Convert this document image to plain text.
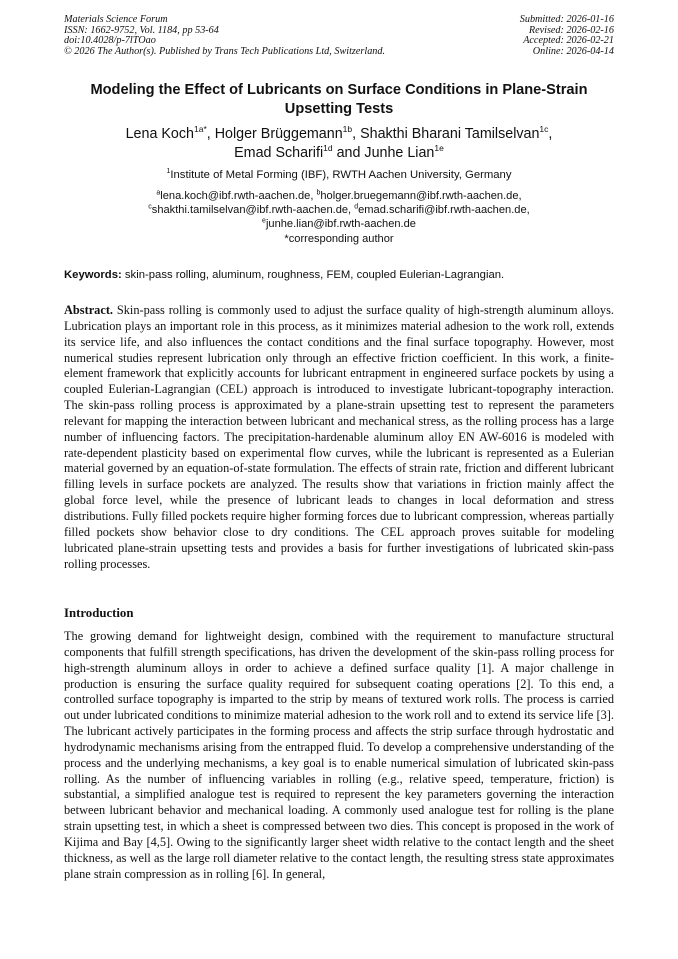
Materials Science Forum
ISSN: 1662-9752, Vol. 1184, pp 53-64
doi:10.4028/p-7lTOao
© 2026 The Author(s). Published by Trans Tech Publications Ltd, Switzerland.
Submitted: 2026-01-16
Revised: 2026-02-16
Accepted: 2026-02-21
Online: 2026-04-14
Modeling the Effect of Lubricants on Surface Conditions in Plane-Strain
Upsetting Tests
Lena Koch$^{1a*}$, Holger Brüggemann$^{1b}$, Shakthi Bharani Tamilselvan$^{1c}$,
Emad Scharifi$^{1d}$ and Junhe Lian$^{1e}$
$^1$Institute of Metal Forming (IBF), RWTH Aachen University, Germany
$^a$lena.koch@ibf.rwth-aachen.de, $^b$holger.bruegemann@ibf.rwth-aachen.de,
$^c$shakthi.tamilselvan@ibf.rwth-aachen.de, $^d$emad.scharifi@ibf.rwth-aachen.de,
$^e$junhe.lian@ibf.rwth-aachen.de
*corresponding author
Keywords: skin-pass rolling, aluminum, roughness, FEM, coupled Eulerian-Lagrangian.
Abstract. Skin-pass rolling is commonly used to adjust the surface quality of high-strength aluminum alloys. Lubrication plays an important role in this process, as it minimizes material adhesion to the work roll, extends its service life, and also influences the contact conditions and the final surface topography. However, most numerical studies represent lubrication only through an effective friction coefficient. In this work, a finite-element framework that explicitly accounts for lubricant entrapment in engineered surface pockets by using a coupled Eulerian-Lagrangian (CEL) approach is introduced to investigate lubricant-topography interaction. The skin-pass rolling process is approximated by a plane-strain upsetting test to represent the parameters relevant for mapping the interaction between lubricant and mechanical stress, as the rolling process has a large number of influencing factors. The precipitation-hardenable aluminum alloy EN AW-6016 is modeled with rate-dependent plasticity based on experimental flow curves, while the lubricant is represented as a Eulerian material governed by an equation-of-state formulation. The effects of strain rate, friction and different lubricant filling levels in surface pockets are analyzed. The results show that variations in friction mainly affect the global force level, while the presence of lubricant leads to changes in local deformation and stress distributions. Fully filled pockets require higher forming forces due to lubricant compression, whereas partially filled pockets show behavior close to dry conditions. The CEL approach proves suitable for modeling lubricated plane-strain upsetting tests and provides a basis for further investigations of lubricated skin-pass rolling processes.
Introduction
The growing demand for lightweight design, combined with the requirement to manufacture structural components that fulfill strength specifications, has driven the development of the skin-pass rolling process for high-strength aluminum alloys in order to achieve a defined surface quality [1]. A major challenge in production is ensuring the surface quality required for subsequent coating operations [2]. To this end, a controlled surface topography is imparted to the strip by means of textured work rolls. The process is carried out under lubricated conditions to minimize material adhesion to the work roll and to extend its service life [3]. The lubricant actively participates in the forming process and affects the strip surface through hydrostatic and hydrodynamic mechanisms arising from the entrapped fluid. To develop a comprehensive understanding of the process and the underlying mechanisms, a key goal is to enable numerical simulation of lubricated skin-pass rolling. As the number of influencing variables in rolling (e.g., relative speed, temperature, friction) is substantial, a simplified analogue test is required to represent the key parameters governing the interaction between lubricant behavior and mechanical loading. A commonly used analogue test for rolling is the plane strain upsetting test, in which a sheet is compressed between two dies. This concept is proposed in the work of Kijima and Bay [4,5]. Owing to the significantly larger sheet width relative to the contact length and the sheet thickness, as well as the large roll diameter relative to the contact length, the resulting stress state approximates plane strain compression as in rolling [6]. In general,
